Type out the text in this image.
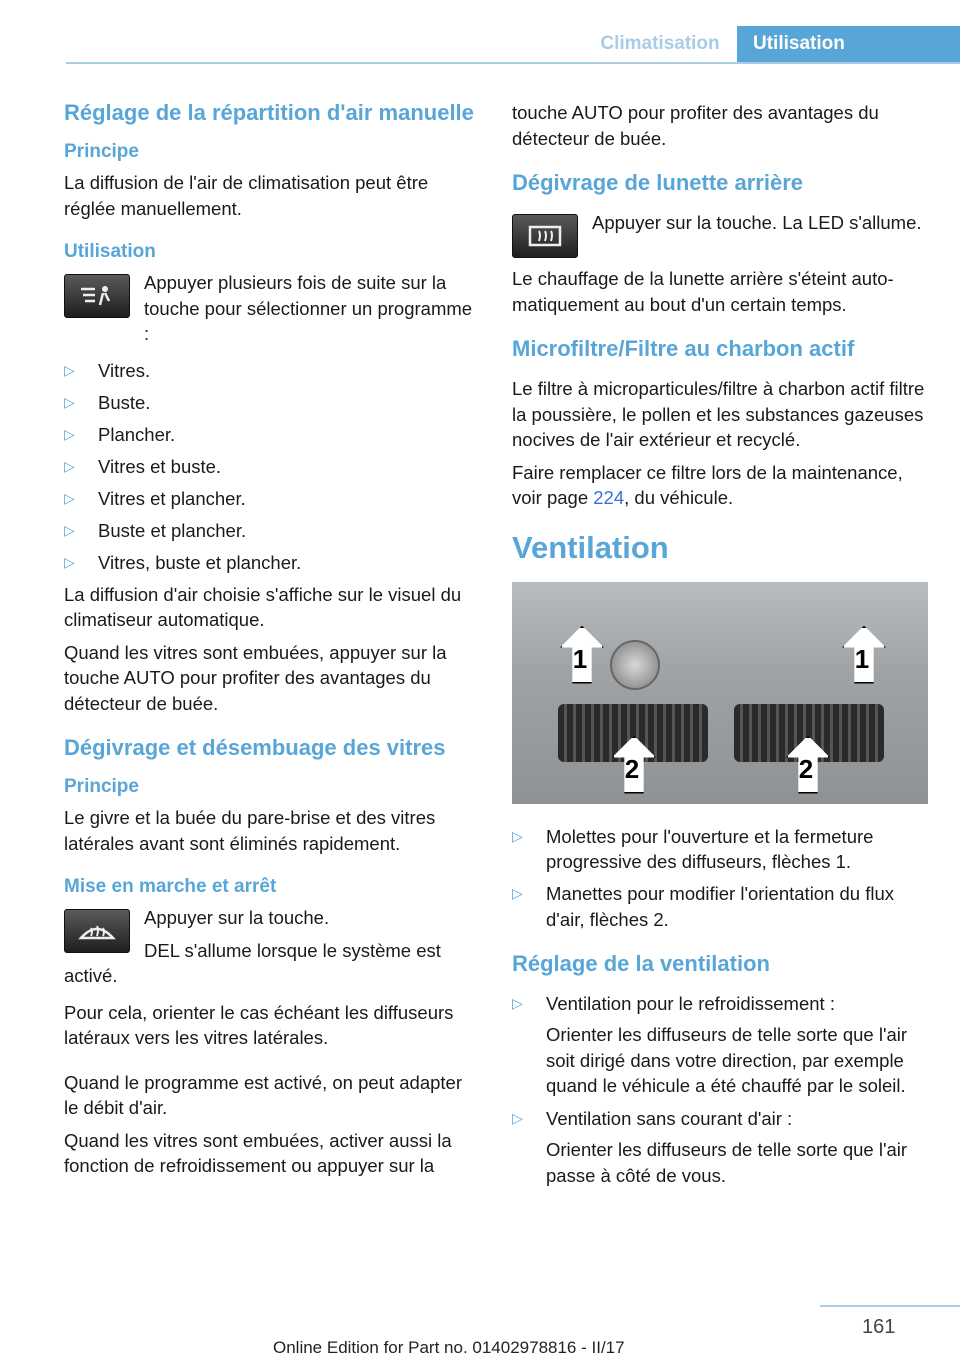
Climatisation	Utilisation
Réglage de la répartition d'air manuelle
Principe

La diffusion de l'air de climatisation peut être réglée manuellement.

Utilisation

Appuyer plusieurs fois de suite sur la touche pour sélectionner un programme :

▷ Vitres.
▷ Buste.
▷ Plancher.
▷ Vitres et buste.
▷ Vitres et plancher.
▷ Buste et plancher.
▷ Vitres, buste et plancher.

La diffusion d'air choisie s'affiche sur le visuel du climatiseur automatique.

Quand les vitres sont embuées, appuyer sur la touche AUTO pour profiter des avantages du détecteur de buée.

Dégivrage et désembuage des vitres
Principe

Le givre et la buée du pare-brise et des vitres latérales avant sont éliminés rapidement.

Mise en marche et arrêt

Appuyer sur la touche.

DEL s'allume lorsque le système est activé.

Pour cela, orienter le cas échéant les diffuseurs latéraux vers les vitres latérales.

Quand le programme est activé, on peut adapter le débit d'air.

Quand les vitres sont embuées, activer aussi la fonction de refroidissement ou appuyer sur la

touche AUTO pour profiter des avantages du détecteur de buée.

Dégivrage de lunette arrière

Appuyer sur la touche. La LED s'allume.

Le chauffage de la lunette arrière s'éteint automatiquement au bout d'un certain temps.

Microfiltre/Filtre au charbon actif

Le filtre à microparticules/filtre à charbon actif filtre la poussière, le pollen et les substances gazeuses nocives de l'air extérieur et recyclé.

Faire remplacer ce filtre lors de la maintenance, voir page 224, du véhicule.

Ventilation
1	1
2	2
▷ Molettes pour l'ouverture et la fermeture progressive des diffuseurs, flèches 1.
▷ Manettes pour modifier l'orientation du flux d'air, flèches 2.
Réglage de la ventilation
▷ Ventilation pour le refroidissement :

Orienter les diffuseurs de telle sorte que l'air soit dirigé dans votre direction, par exemple quand le véhicule a été chauffé par le soleil.

▷ Ventilation sans courant d'air :

Orienter les diffuseurs de telle sorte que l'air passe à côté de vous.

161
Online Edition for Part no. 01402978816 - II/17
